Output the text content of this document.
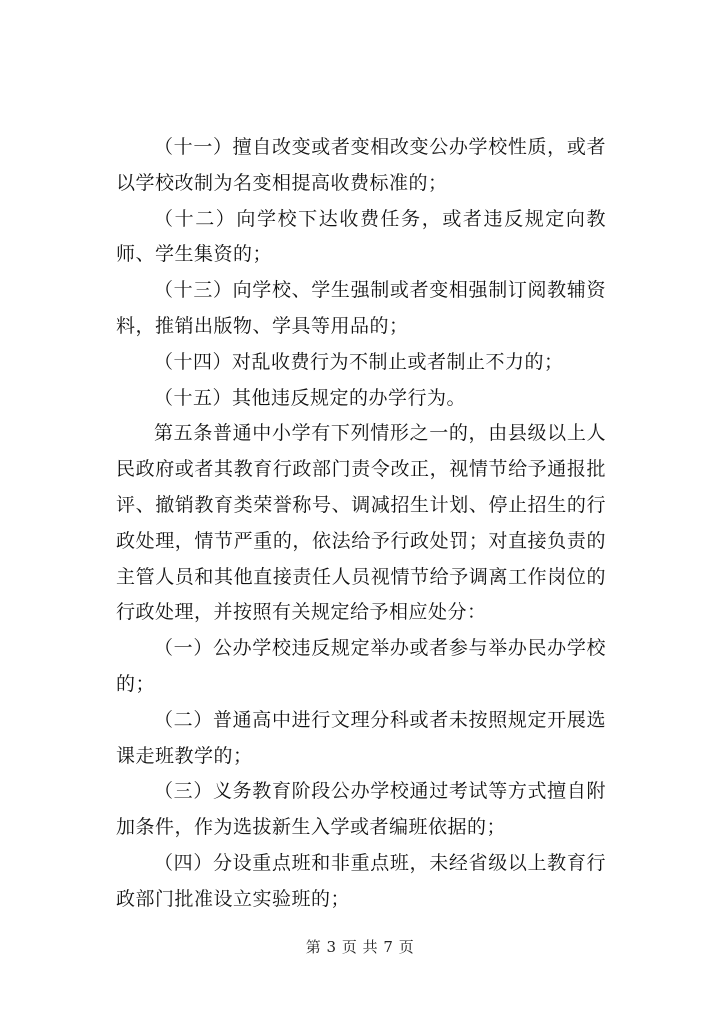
（十一）擅自改变或者变相改变公办学校性质，或者以学校改制为名变相提高收费标准的；

（十二）向学校下达收费任务，或者违反规定向教师、学生集资的；

（十三）向学校、学生强制或者变相强制订阅教辅资料，推销出版物、学具等用品的；

（十四）对乱收费行为不制止或者制止不力的；

（十五）其他违反规定的办学行为。

第五条普通中小学有下列情形之一的，由县级以上人民政府或者其教育行政部门责令改正，视情节给予通报批评、撤销教育类荣誉称号、调减招生计划、停止招生的行政处理，情节严重的，依法给予行政处罚；对直接负责的主管人员和其他直接责任人员视情节给予调离工作岗位的行政处理，并按照有关规定给予相应处分：

（一）公办学校违反规定举办或者参与举办民办学校的；

（二）普通高中进行文理分科或者未按照规定开展选课走班教学的；

（三）义务教育阶段公办学校通过考试等方式擅自附加条件，作为选拔新生入学或者编班依据的；

（四）分设重点班和非重点班，未经省级以上教育行政部门批准设立实验班的；

第 3 页 共 7 页
